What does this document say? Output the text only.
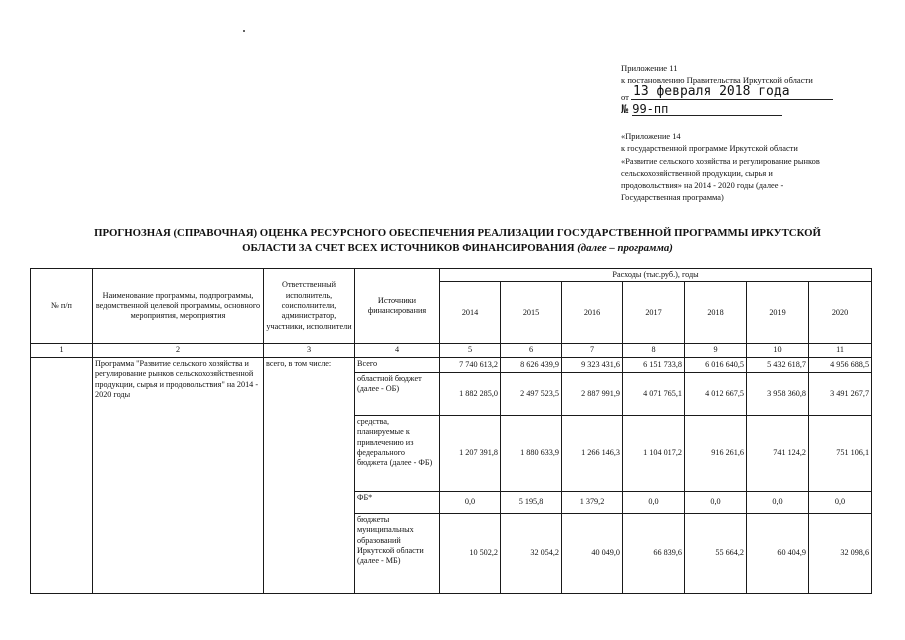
Приложение 11
к постановлению Правительства Иркутской области
от 13 февраля 2018 года
№ 99-пп
«Приложение 14
к государственной программе Иркутской области
«Развитие сельского хозяйства и регулирование рынков
сельскохозяйственной продукции, сырья и
продовольствия» на 2014 - 2020 годы (далее -
Государственная программа)
ПРОГНОЗНАЯ (СПРАВОЧНАЯ) ОЦЕНКА РЕСУРСНОГО ОБЕСПЕЧЕНИЯ РЕАЛИЗАЦИИ ГОСУДАРСТВЕННОЙ ПРОГРАММЫ ИРКУТСКОЙ
ОБЛАСТИ ЗА СЧЕТ ВСЕХ ИСТОЧНИКОВ ФИНАНСИРОВАНИЯ (далее – программа)
№ п/п	Наименование программы, подпрограммы, ведомственной целевой программы, основного мероприятия, мероприятия	Ответственный исполнитель, соисполнители, администратор, участники, исполнители	Источники финансирования	Расходы (тыс.руб.), годы						
				2014	2015	2016	2017	2018	2019	2020
1	2	3	4	5	6	7	8	9	10	11
	Программа "Развитие сельского хозяйства и регулирование рынков сельскохозяйственной продукции, сырья и продовольствия" на 2014 - 2020 годы	всего, в том числе:	Всего	7 740 613,2	8 626 439,9	9 323 431,6	6 151 733,8	6 016 640,5	5 432 618,7	4 956 688,5
			областной бюджет (далее - ОБ)	1 882 285,0	2 497 523,5	2 887 991,9	4 071 765,1	4 012 667,5	3 958 360,8	3 491 267,7
			средства, планируемые к привлечению из федерального бюджета (далее - ФБ)	1 207 391,8	1 880 633,9	1 266 146,3	1 104 017,2	916 261,6	741 124,2	751 106,1
			ФБ*	0,0	5 195,8	1 379,2	0,0	0,0	0,0	0,0
			бюджеты муниципальных образований Иркутской области (далее - МБ)	10 502,2	32 054,2	40 049,0	66 839,6	55 664,2	60 404,9	32 098,6
